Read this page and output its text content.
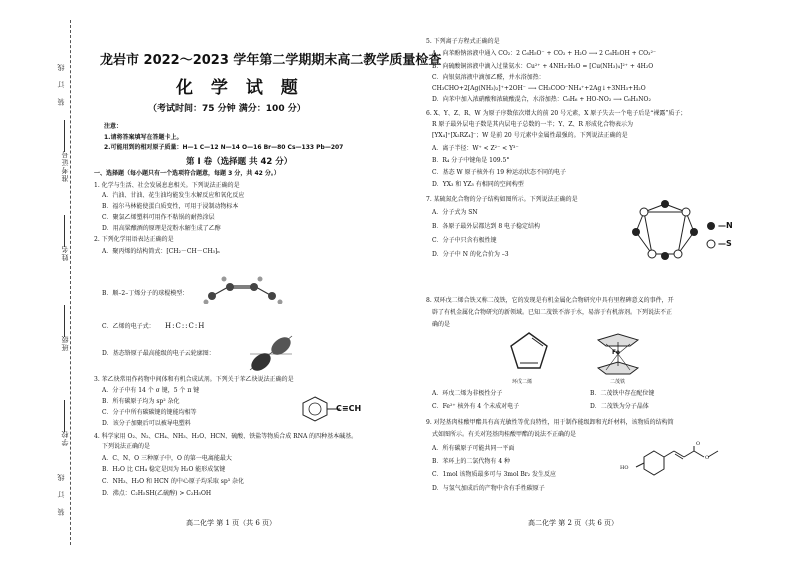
准考证号
姓名
班级
学校
装 订 线
装 订 线
龙岩市 2022～2023 学年第二学期期末高二教学质量检查
化 学 试 题
（考试时间：75 分钟 满分：100 分）
注意：
1.请将答案填写在答题卡上。
2.可能用到的相对原子质量：H—1 C—12 N—14 O—16 Br—80 Cs—133 Pb—207
第 I 卷（选择题 共 42 分）
一、选择题（每小题只有一个选项符合题意，每题 3 分，共 42 分。）
1. 化学与生活、社会发展息息相关。下列说法正确的是
A．汽油、甘油、花生油均能发生水解反应和氧化反应
B．福尔马林能使蛋白质变性，可用于浸制动物标本
C．聚氯乙烯塑料可用作不粘锅的耐热涂层
D．用高粱酿酒的原理是淀粉水解生成了乙醇
2. 下列化学用语表达正确的是
A．聚丙烯的结构简式：[CH₂－CH－CH₃]ₙ
B．顺–2–丁烯分子的球棍模型：
C．乙烯的电子式： H:C::C:H
D．基态铬原子最高能级的电子云轮廓图：
3. 苯乙炔常用作药物中间体和有机合成试剂。下列关于苯乙炔说法正确的是
A．分子中有 14 个 σ 键，5 个 π 键
B．所有碳原子均为 sp² 杂化
C．分子中所有碳碳键的键能均相等
D．该分子加聚后可以被导电塑料
C≡CH
4. 科学家用 O₂、N₂、CH₄、NH₃、H₂O、HCN、硫酸、铁盐等物质合成 RNA 的四种基本碱基。
下列说法正确的是
A．C、N、O 三种原子中，O 的第一电离能最大
B．H₂O 比 CH₄ 稳定是因为 H₂O 能形成氢键
C．NH₃、H₂O 和 HCN 的中心原子均采取 sp³ 杂化
D．沸点：C₂H₅SH(乙硫醇) > C₂H₅OH
高二化学 第 1 页（共 6 页）
5. 下列离子方程式正确的是
A．向苯酚钠溶液中通入 CO₂：2 C₆H₅O⁻ + CO₂ + H₂O ⟶ 2 C₆H₅OH + CO₃²⁻
B．向硫酸铜溶液中滴入过量氨水：Cu²⁺ + 4NH₃·H₂O = [Cu(NH₃)₄]²⁺ + 4H₂O
C．向银氨溶液中滴加乙醛，并水浴加热：
CH₃CHO+2[Ag(NH₃)₂]⁺+2OH⁻ ⟶ CH₃COO⁻NH₄⁺+2Ag↓+3NH₃+H₂O
D．向苯中加入浓硝酸和浓硫酸混合，水浴加热：C₆H₆ + HO-NO₂ ⟶ C₆H₅NO₂
6. X、Y、Z、R、W 为原子序数依次增大的前 20 号元素，X 原子失去一个电子后是“裸露”质子；
R 原子最外层电子数是其内层电子总数的一半；Y、Z、R 形成化合物表示为
[YX₄]⁺[X₂RZ₄]⁻；W 是前 20 号元素中金属性最强的。下列说法正确的是
A．离子半径：W⁺ < Z²⁻ < Y³⁻
B．R₄ 分子中键角是 109.5°
C．基态 W 原子核外有 19 种运动状态不同的电子
D．YX₃ 和 YZ₃ 有相同的空间构型
7. 某硫氮化合物的分子结构如图所示。下列说法正确的是
A．分子式为 SN
B．各原子最外层都达到 8 电子稳定结构
C．分子中只含有极性键
D．分子中 N 的化合价为 –3
—N
—S
8. 双环戊二烯合铁又称二茂铁，它的发现是有机金属化合物研究中具有里程碑意义的事件，开
辟了有机金属化合物研究的新领域。已知二茂铁不溶于水，易溶于有机溶剂。下列说法不正
确的是
环戊二烯
Fe
二茂铁
A．环戊二烯为非极性分子	B．二茂铁中存在配位键
C．Fe²⁺ 核外有 4 个未成对电子	D．二茂铁为分子晶体
9. 对羟基肉桂酸甲酯具有高光敏性等优良特性，用于制作能级卸和光纤材料，该物质的结构简
式如图所示。有关对羟基肉桂酸甲酯的说法不正确的是
A．所有碳原子可能共同一平面
B．苯环上的二氯代物有 4 种
C．1mol 该物质最多可与 3mol Br₂ 发生反应
D．与氢气加成后的产物中含有手性碳原子
HO
O
O
高二化学 第 2 页（共 6 页）
